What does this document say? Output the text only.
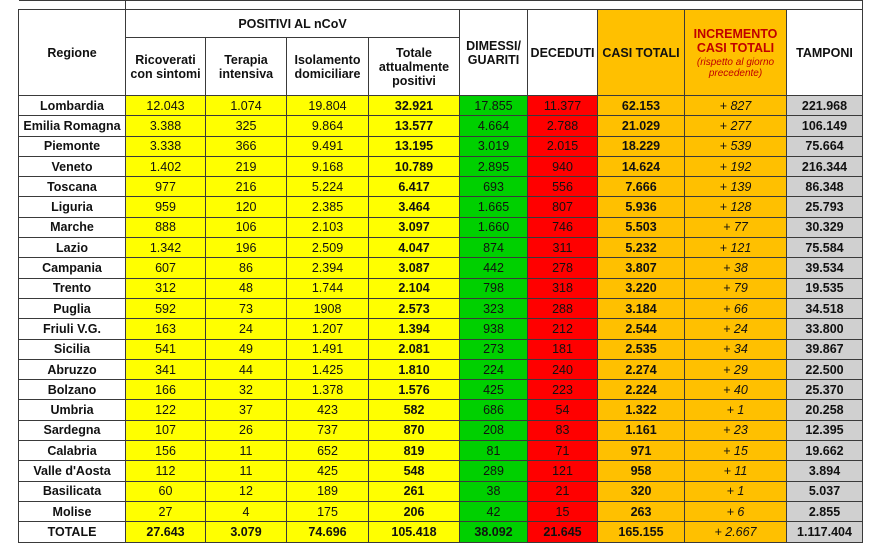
Regione	POSITIVI AL nCoV				DIMESSI/ GUARITI	DECEDUTI	CASI TOTALI	INCREMENTO CASI TOTALI
(rispetto al giorno precedente)	TAMPONI
	Ricoverati con sintomi	Terapia intensiva	Isolamento domiciliare	Totale attualmente positivi					
Lombardia	12.043	1.074	19.804	32.921	17.855	11.377	62.153	+ 827	221.968
Emilia Romagna	3.388	325	9.864	13.577	4.664	2.788	21.029	+ 277	106.149
Piemonte	3.338	366	9.491	13.195	3.019	2.015	18.229	+ 539	75.664
Veneto	1.402	219	9.168	10.789	2.895	940	14.624	+ 192	216.344
Toscana	977	216	5.224	6.417	693	556	7.666	+ 139	86.348
Liguria	959	120	2.385	3.464	1.665	807	5.936	+ 128	25.793
Marche	888	106	2.103	3.097	1.660	746	5.503	+ 77	30.329
Lazio	1.342	196	2.509	4.047	874	311	5.232	+ 121	75.584
Campania	607	86	2.394	3.087	442	278	3.807	+ 38	39.534
Trento	312	48	1.744	2.104	798	318	3.220	+ 79	19.535
Puglia	592	73	1908	2.573	323	288	3.184	+ 66	34.518
Friuli V.G.	163	24	1.207	1.394	938	212	2.544	+ 24	33.800
Sicilia	541	49	1.491	2.081	273	181	2.535	+ 34	39.867
Abruzzo	341	44	1.425	1.810	224	240	2.274	+ 29	22.500
Bolzano	166	32	1.378	1.576	425	223	2.224	+ 40	25.370
Umbria	122	37	423	582	686	54	1.322	+ 1	20.258
Sardegna	107	26	737	870	208	83	1.161	+ 23	12.395
Calabria	156	11	652	819	81	71	971	+ 15	19.662
Valle d'Aosta	112	11	425	548	289	121	958	+ 11	3.894
Basilicata	60	12	189	261	38	21	320	+ 1	5.037
Molise	27	4	175	206	42	15	263	+ 6	2.855
TOTALE	27.643	3.079	74.696	105.418	38.092	21.645	165.155	+ 2.667	1.117.404
